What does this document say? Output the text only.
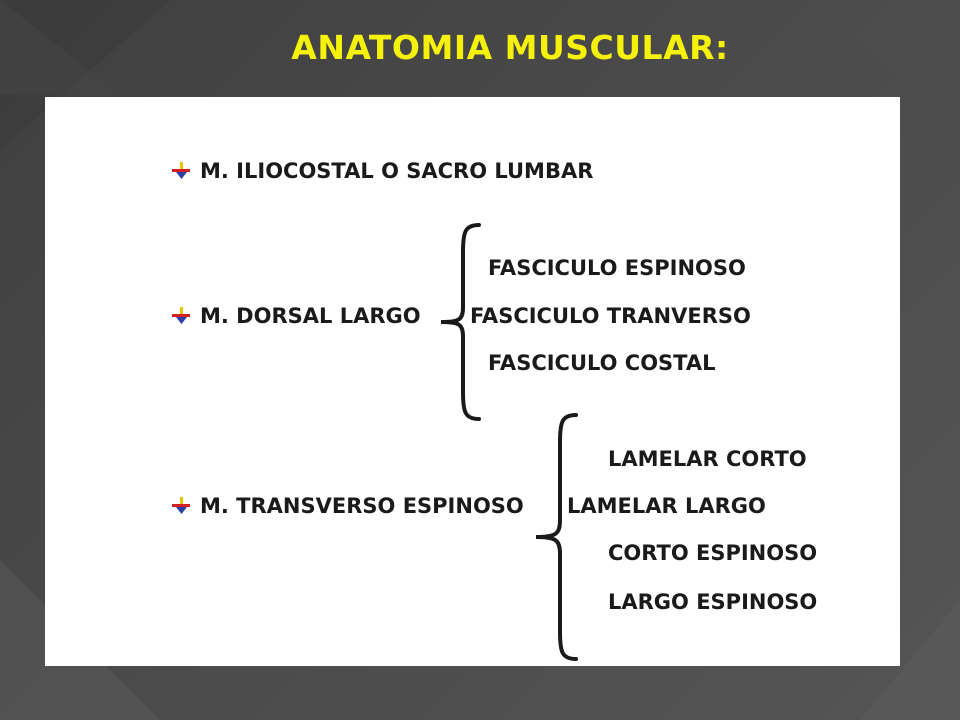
ANATOMIA MUSCULAR:
M. ILIOCOSTAL O SACRO LUMBAR
M. DORSAL LARGO
FASCICULO ESPINOSO
FASCICULO TRANVERSO
FASCICULO COSTAL
M. TRANSVERSO ESPINOSO
LAMELAR CORTO
LAMELAR LARGO
CORTO ESPINOSO
LARGO ESPINOSO
